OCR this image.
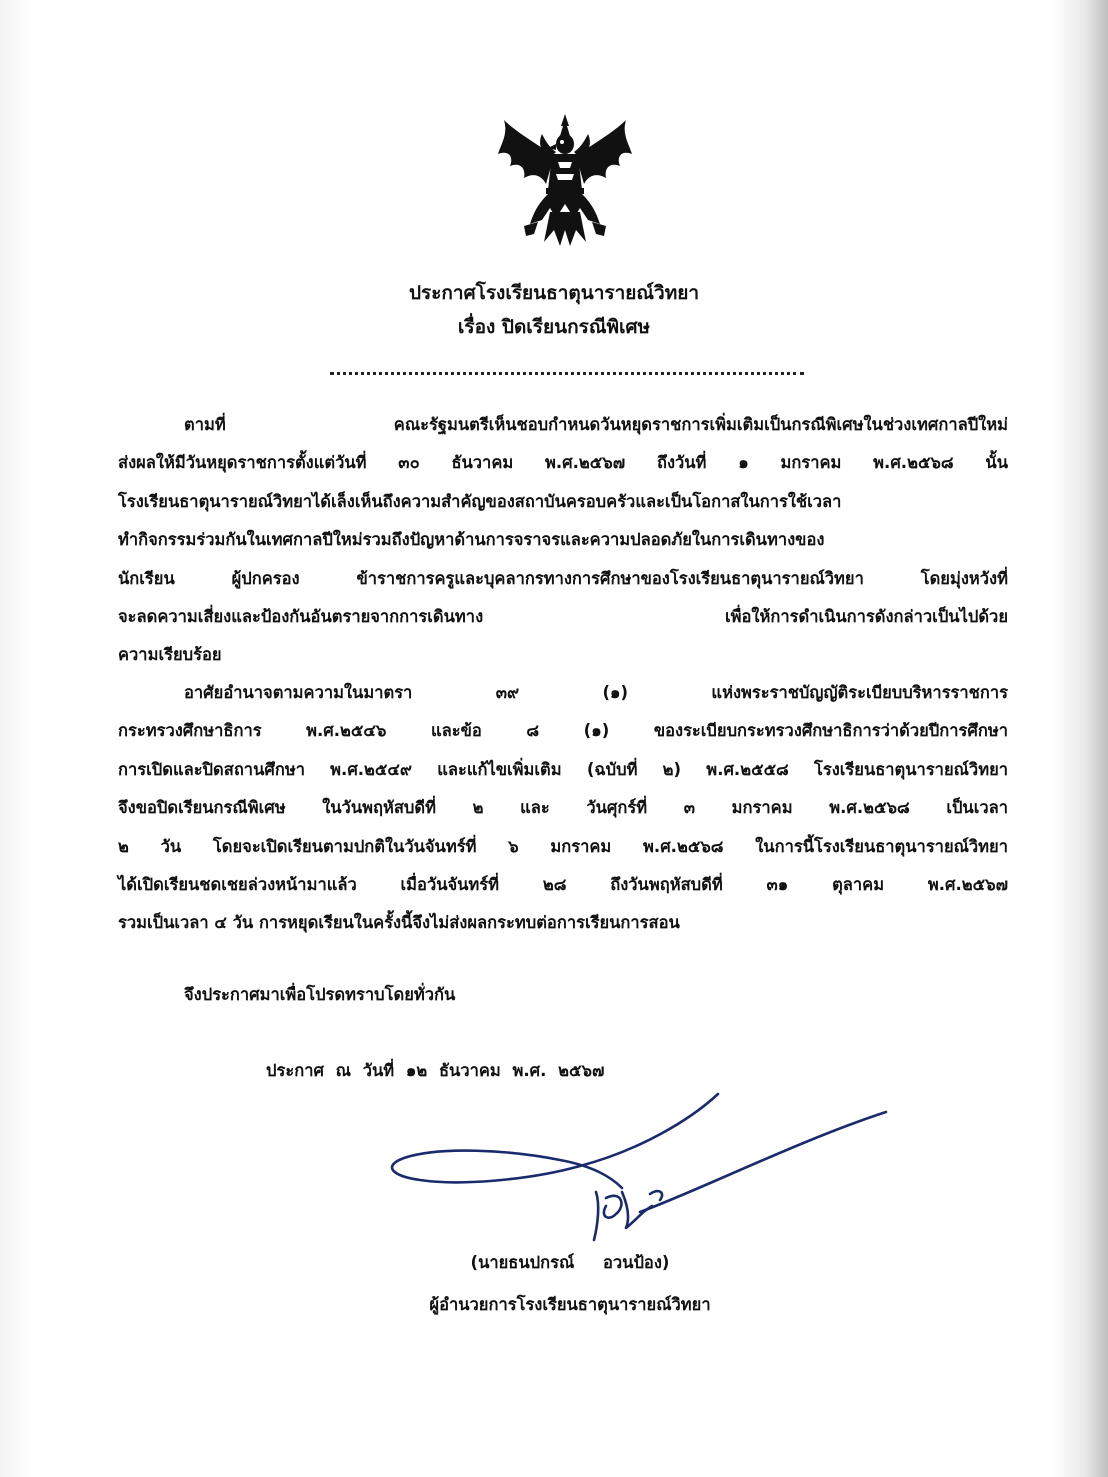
ประกาศโรงเรียนธาตุนารายณ์วิทยา
เรื่อง ปิดเรียนกรณีพิเศษ
ตามที่ คณะรัฐมนตรีเห็นชอบกำหนดวันหยุดราชการเพิ่มเติมเป็นกรณีพิเศษในช่วงเทศกาลปีใหม่
ส่งผลให้มีวันหยุดราชการตั้งแต่วันที่ ๓๐ ธันวาคม พ.ศ.๒๕๖๗ ถึงวันที่ ๑ มกราคม พ.ศ.๒๕๖๘ นั้น
โรงเรียนธาตุนารายณ์วิทยาได้เล็งเห็นถึงความสำคัญของสถาบันครอบครัวและเป็นโอกาสในการใช้เวลา
ทำกิจกรรมร่วมกันในเทศกาลปีใหม่รวมถึงปัญหาด้านการจราจรและความปลอดภัยในการเดินทางของ
นักเรียน ผู้ปกครอง ข้าราชการครูและบุคลากรทางการศึกษาของโรงเรียนธาตุนารายณ์วิทยา โดยมุ่งหวังที่
จะลดความเสี่ยงและป้องกันอันตรายจากการเดินทาง เพื่อให้การดำเนินการดังกล่าวเป็นไปด้วย
ความเรียบร้อย
อาศัยอำนาจตามความในมาตรา ๓๙ (๑) แห่งพระราชบัญญัติระเบียบบริหารราชการ
กระทรวงศึกษาธิการ พ.ศ.๒๕๔๖ และข้อ ๘ (๑) ของระเบียบกระทรวงศึกษาธิการว่าด้วยปีการศึกษา
การเปิดและปิดสถานศึกษา พ.ศ.๒๕๔๙ และแก้ไขเพิ่มเติม (ฉบับที่ ๒) พ.ศ.๒๕๕๘ โรงเรียนธาตุนารายณ์วิทยา
จึงขอปิดเรียนกรณีพิเศษ ในวันพฤหัสบดีที่ ๒ และ วันศุกร์ที่ ๓ มกราคม พ.ศ.๒๕๖๘ เป็นเวลา
๒ วัน โดยจะเปิดเรียนตามปกติในวันจันทร์ที่ ๖ มกราคม พ.ศ.๒๕๖๘ ในการนี้โรงเรียนธาตุนารายณ์วิทยา
ได้เปิดเรียนชดเชยล่วงหน้ามาแล้ว เมื่อวันจันทร์ที่ ๒๘ ถึงวันพฤหัสบดีที่ ๓๑ ตุลาคม พ.ศ.๒๕๖๗
รวมเป็นเวลา ๔ วัน การหยุดเรียนในครั้งนี้จึงไม่ส่งผลกระทบต่อการเรียนการสอน
จึงประกาศมาเพื่อโปรดทราบโดยทั่วกัน
ประกาศ ณ วันที่ ๑๒ ธันวาคม พ.ศ. ๒๕๖๗
(นายธนปกรณ์     อวนป้อง)
ผู้อำนวยการโรงเรียนธาตุนารายณ์วิทยา
